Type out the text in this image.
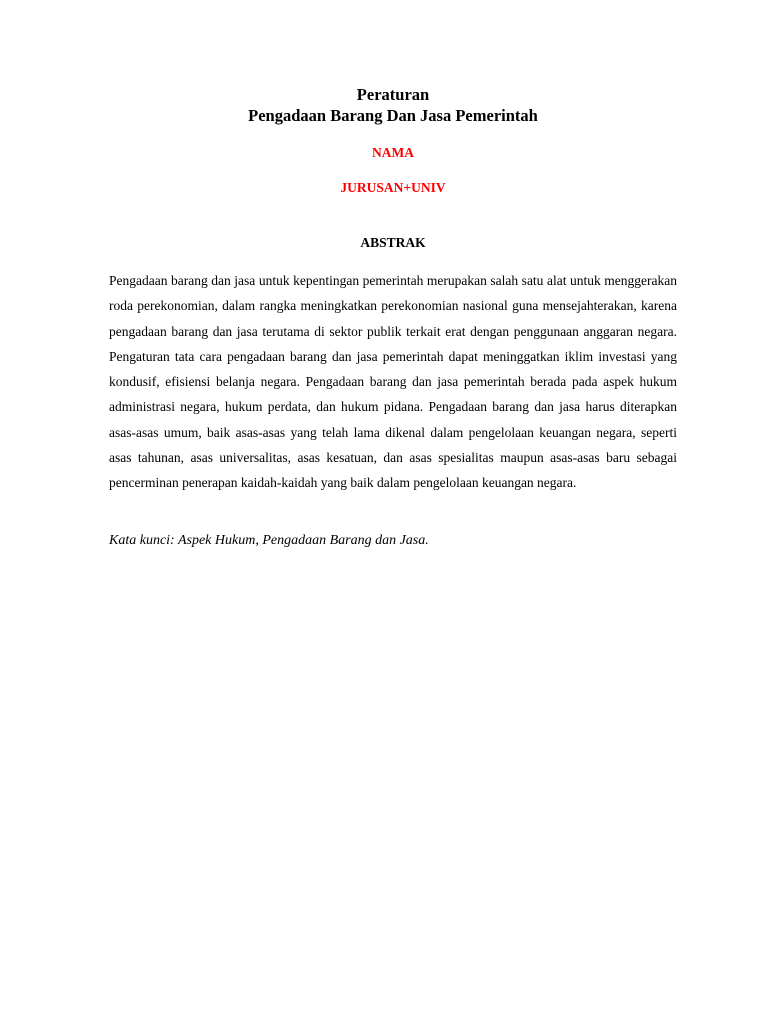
Peraturan

Pengadaan Barang Dan Jasa Pemerintah

NAMA

JURUSAN+UNIV

ABSTRAK

Pengadaan barang dan jasa untuk kepentingan pemerintah merupakan salah satu alat untuk menggerakan roda perekonomian, dalam rangka meningkatkan perekonomian nasional guna mensejahterakan, karena pengadaan barang dan jasa terutama di sektor publik terkait erat dengan penggunaan anggaran negara. Pengaturan tata cara pengadaan barang dan jasa pemerintah dapat meninggatkan iklim investasi yang kondusif, efisiensi belanja negara. Pengadaan barang dan jasa pemerintah berada pada aspek hukum administrasi negara, hukum perdata, dan hukum pidana. Pengadaan barang dan jasa harus diterapkan asas-asas umum, baik asas-asas yang telah lama dikenal dalam pengelolaan keuangan negara, seperti asas tahunan, asas universalitas, asas kesatuan, dan asas spesialitas maupun asas-asas baru sebagai pencerminan penerapan kaidah-kaidah yang baik dalam pengelolaan keuangan negara.

Kata kunci: Aspek Hukum, Pengadaan Barang dan Jasa.
